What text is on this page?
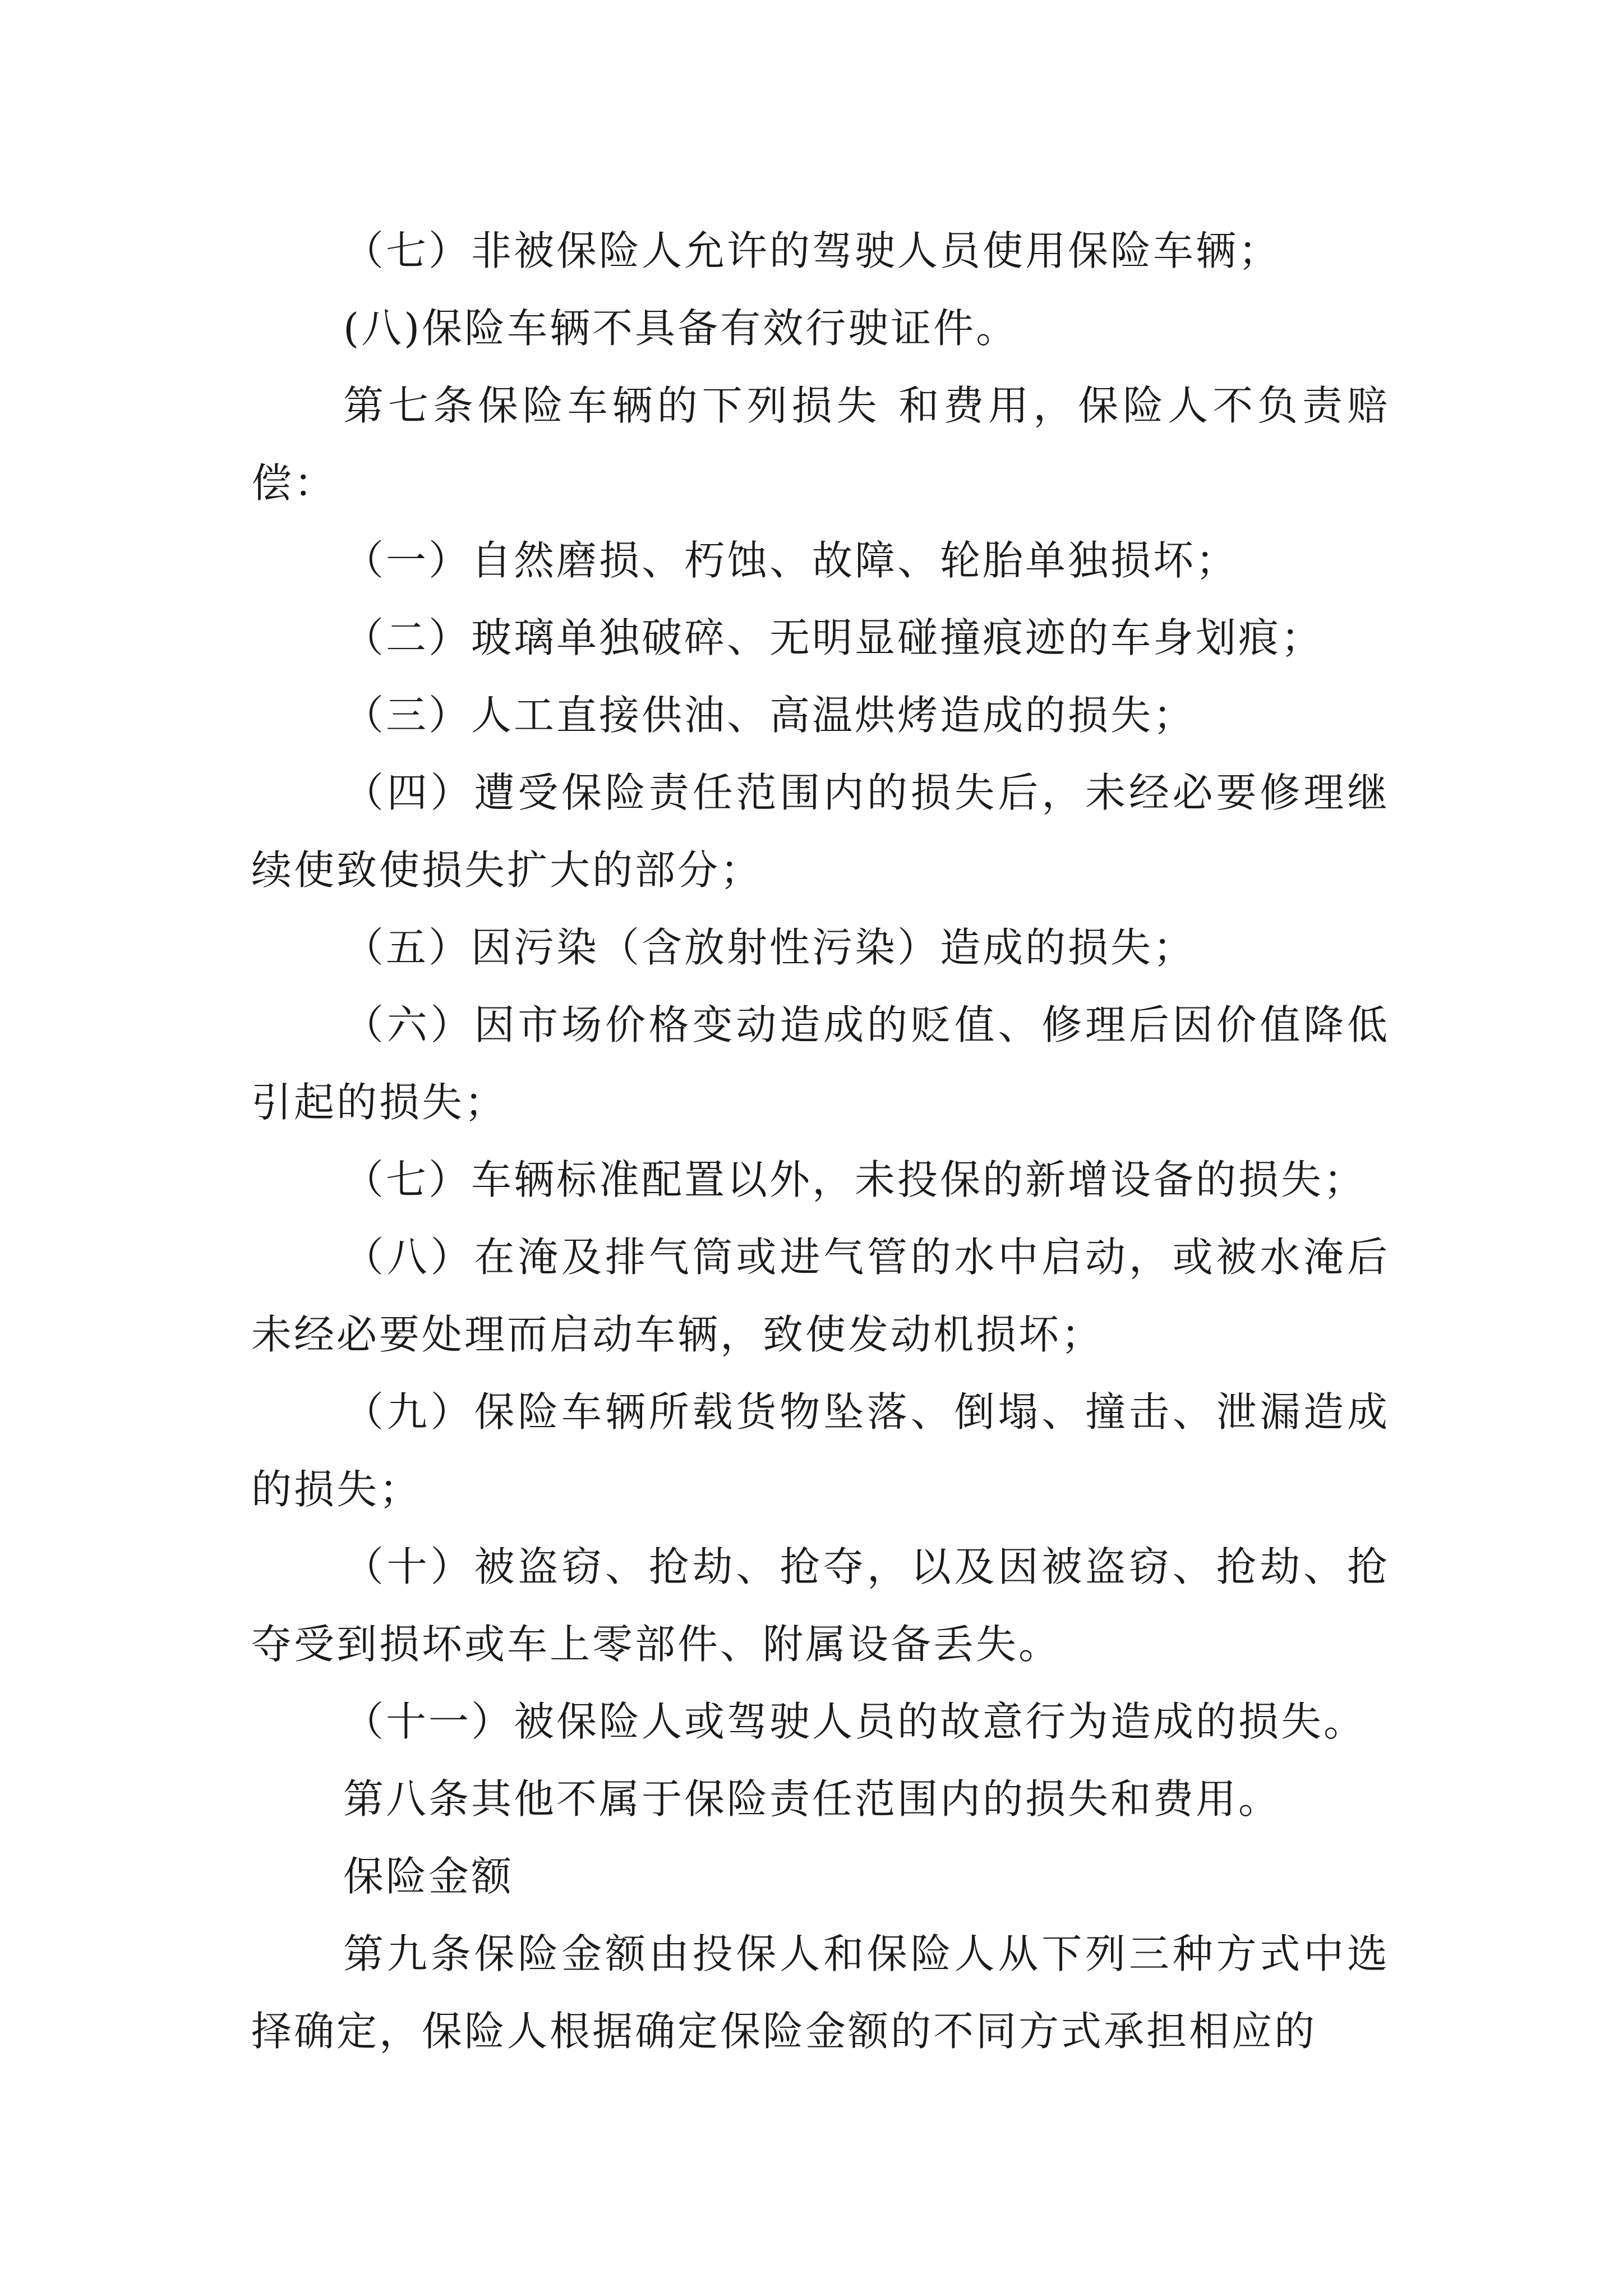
（七）非被保险人允许的驾驶人员使用保险车辆；

(八)保险车辆不具备有效行驶证件。

第七条保险车辆的下列损失 和费用，保险人不负责赔偿：

（一）自然磨损、朽蚀、故障、轮胎单独损坏；

（二）玻璃单独破碎、无明显碰撞痕迹的车身划痕；

（三）人工直接供油、高温烘烤造成的损失；

（四）遭受保险责任范围内的损失后，未经必要修理继续使致使损失扩大的部分；

（五）因污染（含放射性污染）造成的损失；

（六）因市场价格变动造成的贬值、修理后因价值降低引起的损失；

（七）车辆标准配置以外，未投保的新增设备的损失；

（八）在淹及排气筒或进气管的水中启动，或被水淹后未经必要处理而启动车辆，致使发动机损坏；

（九）保险车辆所载货物坠落、倒塌、撞击、泄漏造成的损失；

（十）被盗窃、抢劫、抢夺，以及因被盗窃、抢劫、抢夺受到损坏或车上零部件、附属设备丢失。

（十一）被保险人或驾驶人员的故意行为造成的损失。

第八条其他不属于保险责任范围内的损失和费用。

保险金额

第九条保险金额由投保人和保险人从下列三种方式中选择确定，保险人根据确定保险金额的不同方式承担相应的
